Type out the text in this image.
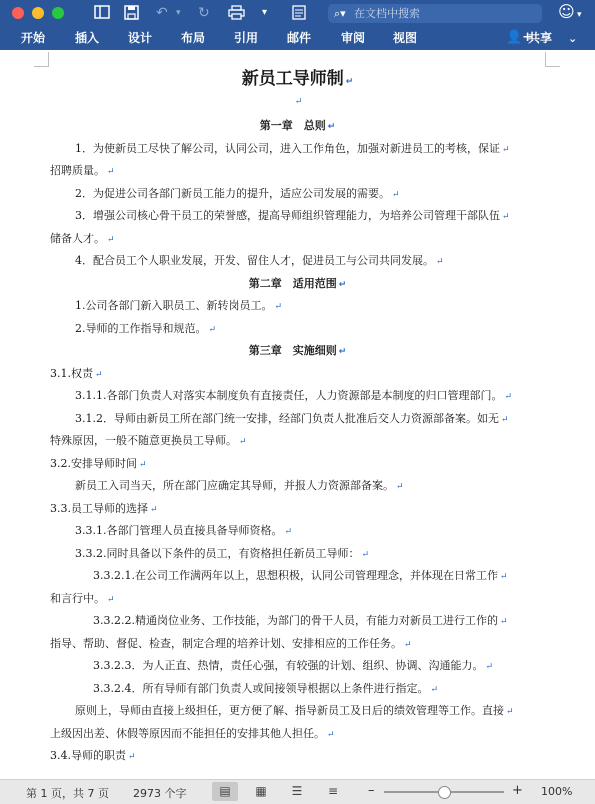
↶ ▾ ↻	▾	⌕▾ 在文档中搜索	☺ ▾
开始 插入 设计 布局 引用 邮件 审阅 视图	👤+
共享 ⌄
新员工导师制 ↵
↵
第一章　总则 ↵
1．为使新员工尽快了解公司，认同公司，进入工作角色，加强对新进员工的考核，保证 ↵
招聘质量。 ↵
2．为促进公司各部门新员工能力的提升，适应公司发展的需要。 ↵
3．增强公司核心骨干员工的荣誉感，提高导师组织管理能力，为培养公司管理干部队伍 ↵
储备人才。 ↵
4．配合员工个人职业发展，开发、留住人才，促进员工与公司共同发展。 ↵
第二章　适用范围 ↵
1.公司各部门新入职员工、新转岗员工。 ↵
2.导师的工作指导和规范。 ↵
第三章　实施细则 ↵
3.1.权责 ↵
3.1.1.各部门负责人对落实本制度负有直接责任，人力资源部是本制度的归口管理部门。 ↵
3.1.2．导师由新员工所在部门统一安排，经部门负责人批准后交人力资源部备案。如无 ↵
特殊原因，一般不随意更换员工导师。 ↵
3.2.安排导师时间 ↵
新员工入司当天，所在部门应确定其导师，并报人力资源部备案。 ↵
3.3.员工导师的选择 ↵
3.3.1.各部门管理人员直接具备导师资格。 ↵
3.3.2.同时具备以下条件的员工，有资格担任新员工导师： ↵
3.3.2.1.在公司工作满两年以上，思想积极，认同公司管理理念，并体现在日常工作 ↵
和言行中。 ↵
3.3.2.2.精通岗位业务、工作技能，为部门的骨干人员，有能力对新员工进行工作的 ↵
指导、帮助、督促、检查，制定合理的培养计划、安排相应的工作任务。 ↵
3.3.2.3．为人正直、热情，责任心强，有较强的计划、组织、协调、沟通能力。 ↵
3.3.2.4．所有导师有部门负责人或间接领导根据以上条件进行指定。 ↵
原则上，导师由直接上级担任，更方便了解、指导新员工及日后的绩效管理等工作。直接 ↵
上级因出差、休假等原因而不能担任的安排其他人担任。 ↵
3.4.导师的职责 ↵
第 1 页，共 7 页 2973 个字	▤	▦	☰	≡	–	+ 100%
